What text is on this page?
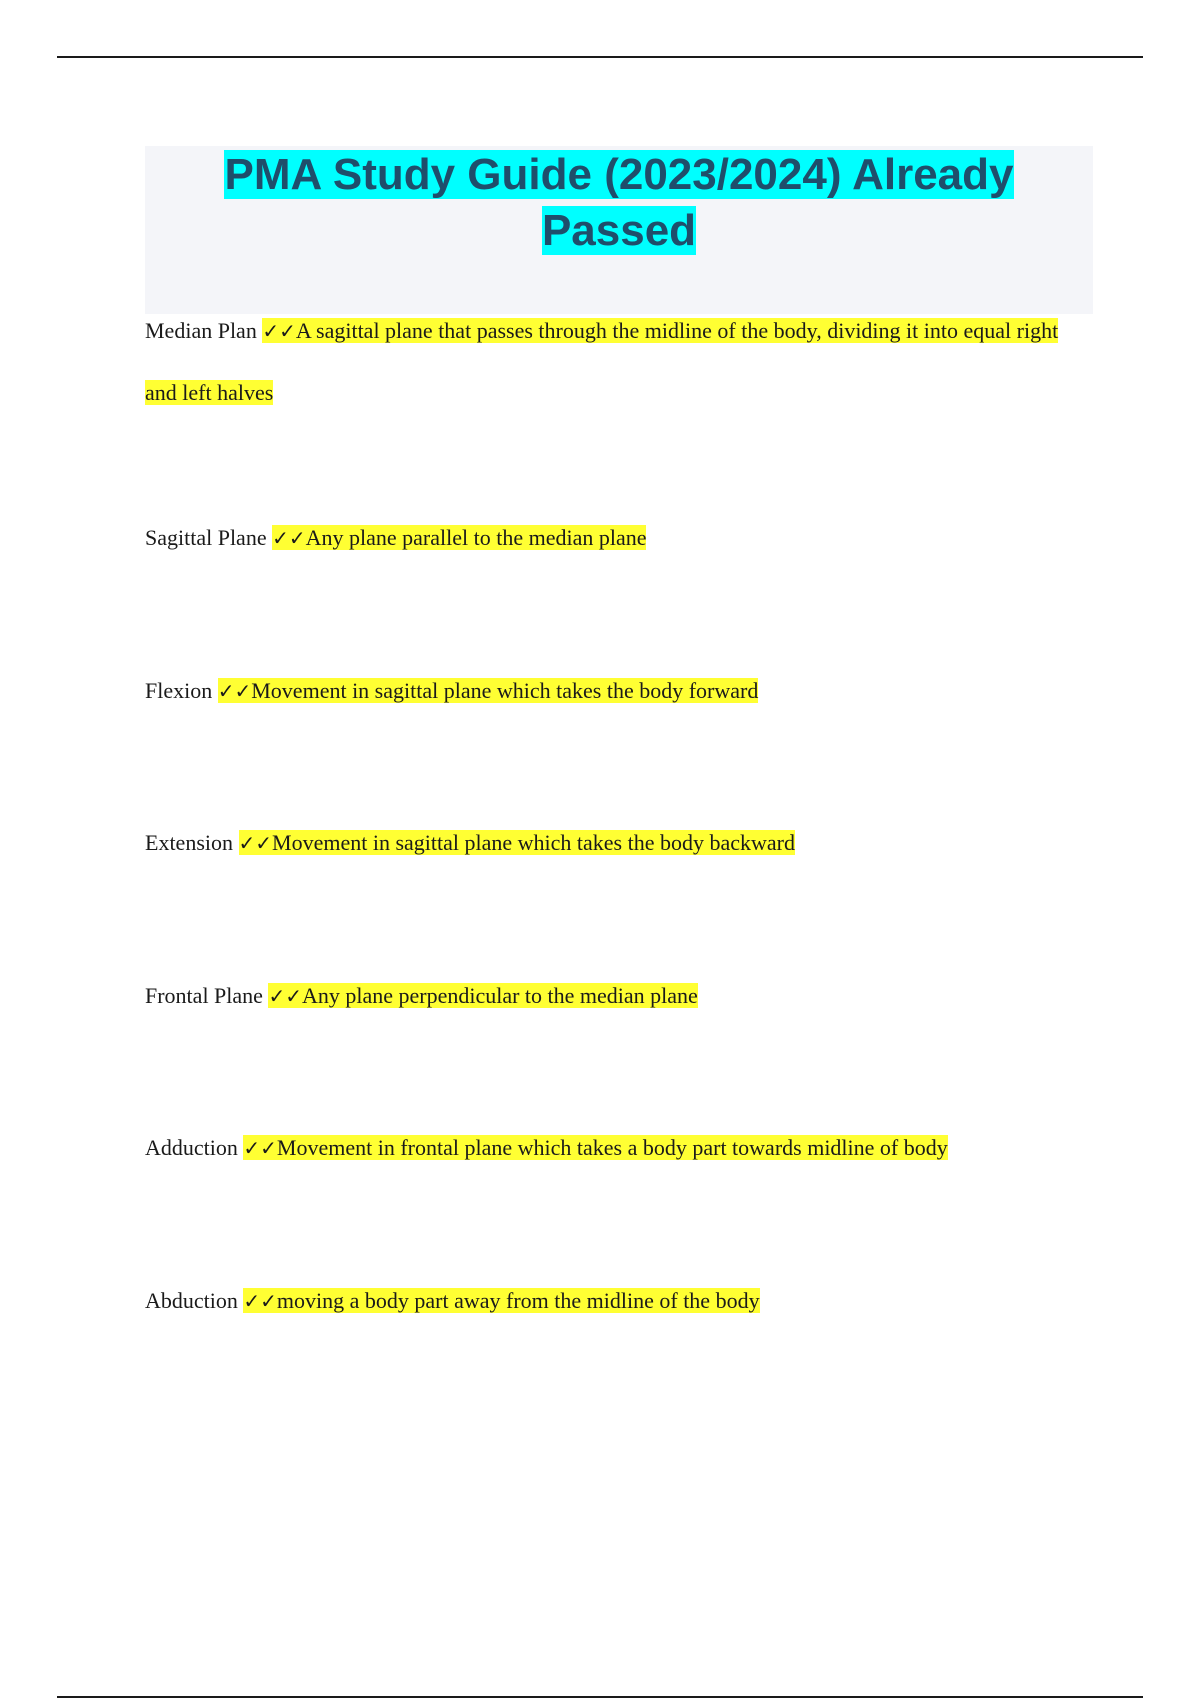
PMA Study Guide (2023/2024) Already
Passed
Median Plan ✓✓A sagittal plane that passes through the midline of the body, dividing it into equal right and left halves
Sagittal Plane ✓✓Any plane parallel to the median plane
Flexion ✓✓Movement in sagittal plane which takes the body forward
Extension ✓✓Movement in sagittal plane which takes the body backward
Frontal Plane ✓✓Any plane perpendicular to the median plane
Adduction ✓✓Movement in frontal plane which takes a body part towards midline of body
Abduction ✓✓moving a body part away from the midline of the body
